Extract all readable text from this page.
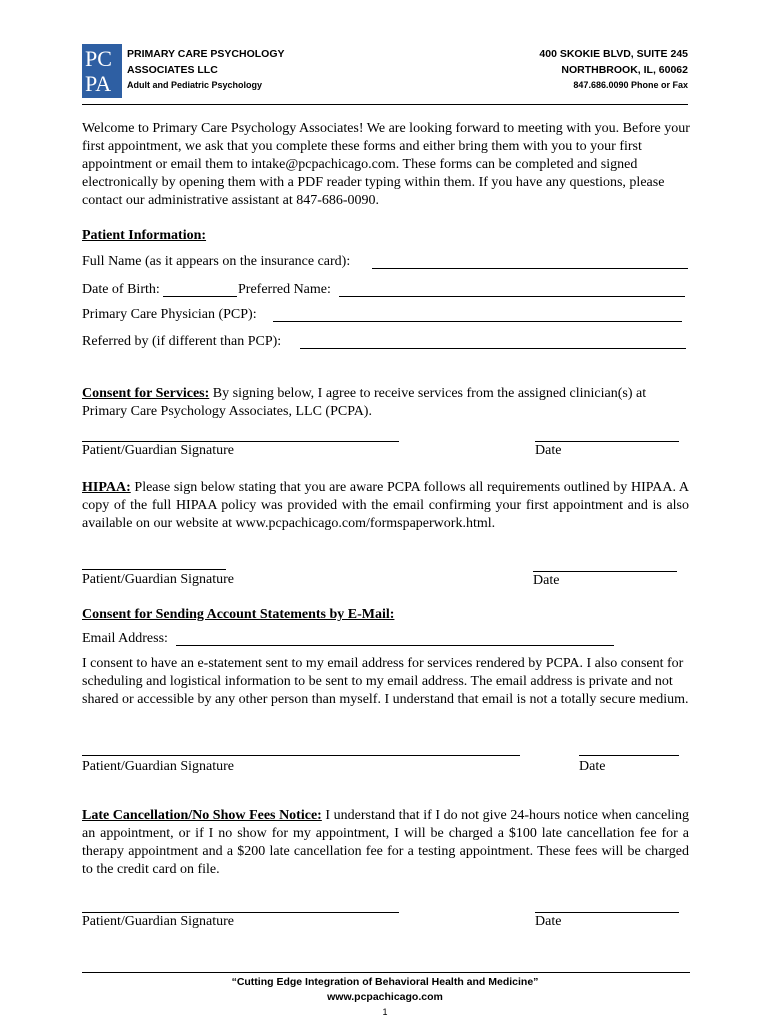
PC
PA
PRIMARY CARE PSYCHOLOGY
ASSOCIATES LLC
Adult and Pediatric Psychology
400 SKOKIE BLVD, SUITE 245
NORTHBROOK, IL, 60062
847.686.0090 Phone or Fax
Welcome to Primary Care Psychology Associates! We are looking forward to meeting with you. Before your first appointment, we ask that you complete these forms and either bring them with you to your first appointment or email them to intake@pcpachicago.com. These forms can be completed and signed electronically by opening them with a PDF reader typing within them. If you have any questions, please contact our administrative assistant at 847-686-0090.
Patient Information:
Full Name (as it appears on the insurance card):
Date of Birth:	Preferred Name:
Primary Care Physician (PCP):
Referred by (if different than PCP):
Consent for Services: By signing below, I agree to receive services from the assigned clinician(s) at Primary Care Psychology Associates, LLC (PCPA).
Patient/Guardian Signature	Date
HIPAA: Please sign below stating that you are aware PCPA follows all requirements outlined by HIPAA. A copy of the full HIPAA policy was provided with the email confirming your first appointment and is also available on our website at www.pcpachicago.com/formspaperwork.html.
Patient/Guardian Signature	Date
Consent for Sending Account Statements by E-Mail:
Email Address:
I consent to have an e-statement sent to my email address for services rendered by PCPA. I also consent for scheduling and logistical information to be sent to my email address. The email address is private and not shared or accessible by any other person than myself. I understand that email is not a totally secure medium.
Patient/Guardian Signature	Date
Late Cancellation/No Show Fees Notice: I understand that if I do not give 24-hours notice when canceling an appointment, or if I no show for my appointment, I will be charged a $100 late cancellation fee for a therapy appointment and a $200 late cancellation fee for a testing appointment. These fees will be charged to the credit card on file.
Patient/Guardian Signature	Date
“Cutting Edge Integration of Behavioral Health and Medicine”
www.pcpachicago.com
1
